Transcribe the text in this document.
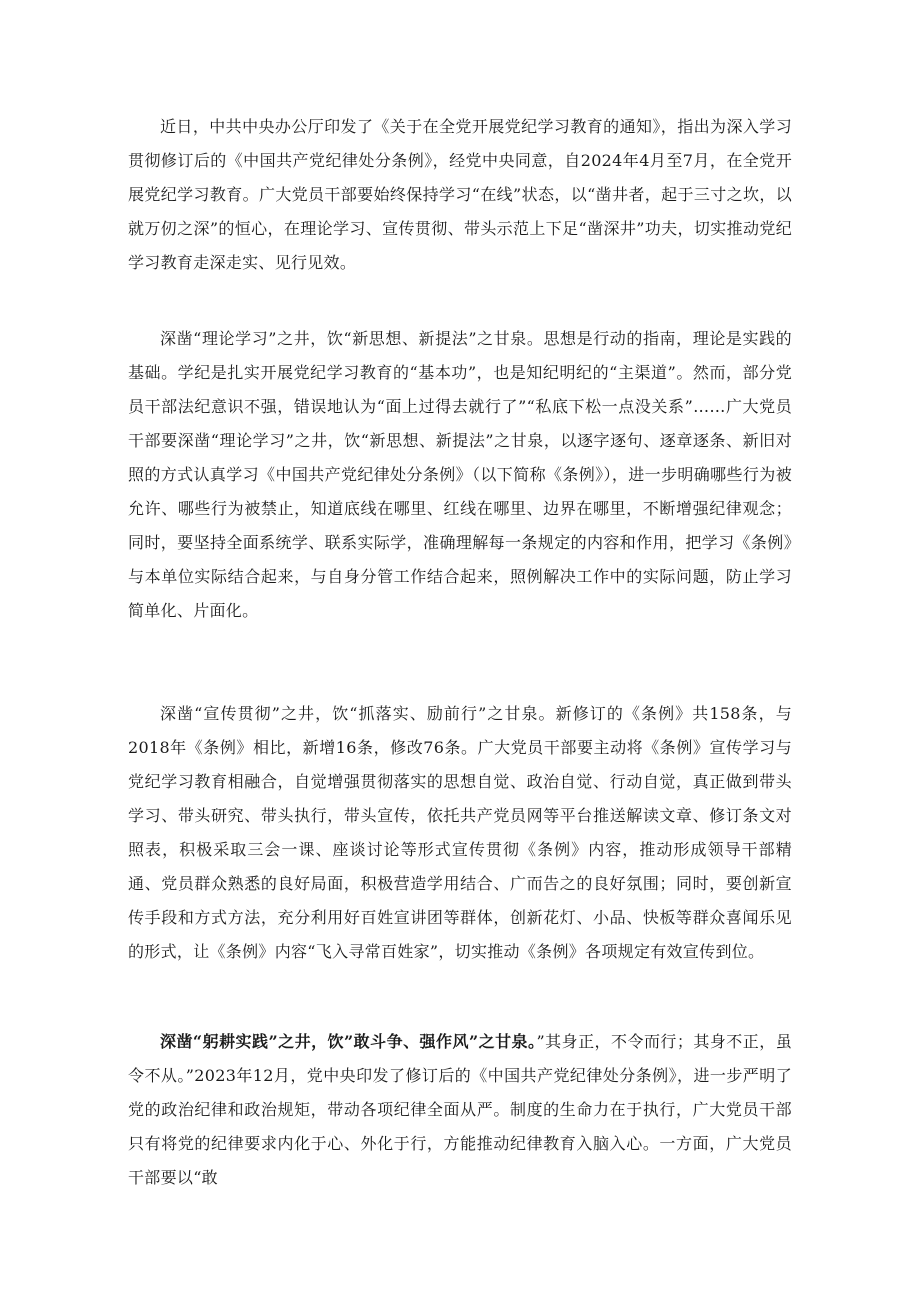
近日，中共中央办公厅印发了《关于在全党开展党纪学习教育的通知》，指出为深入学习贯彻修订后的《中国共产党纪律处分条例》，经党中央同意，自2024年4月至7月，在全党开展党纪学习教育。广大党员干部要始终保持学习“在线”状态，以“凿井者，起于三寸之坎，以就万仞之深”的恒心，在理论学习、宣传贯彻、带头示范上下足“凿深井”功夫，切实推动党纪学习教育走深走实、见行见效。

深凿“理论学习”之井，饮“新思想、新提法”之甘泉。思想是行动的指南，理论是实践的基础。学纪是扎实开展党纪学习教育的“基本功”，也是知纪明纪的“主渠道”。然而，部分党员干部法纪意识不强，错误地认为“面上过得去就行了”“私底下松一点没关系”……广大党员干部要深凿“理论学习”之井，饮“新思想、新提法”之甘泉，以逐字逐句、逐章逐条、新旧对照的方式认真学习《中国共产党纪律处分条例》（以下简称《条例》），进一步明确哪些行为被允许、哪些行为被禁止，知道底线在哪里、红线在哪里、边界在哪里，不断增强纪律观念；同时，要坚持全面系统学、联系实际学，准确理解每一条规定的内容和作用，把学习《条例》与本单位实际结合起来，与自身分管工作结合起来，照例解决工作中的实际问题，防止学习简单化、片面化。

深凿“宣传贯彻”之井，饮“抓落实、励前行”之甘泉。新修订的《条例》共158条，与2018年《条例》相比，新增16条，修改76条。广大党员干部要主动将《条例》宣传学习与党纪学习教育相融合，自觉增强贯彻落实的思想自觉、政治自觉、行动自觉，真正做到带头学习、带头研究、带头执行，带头宣传，依托共产党员网等平台推送解读文章、修订条文对照表，积极采取三会一课、座谈讨论等形式宣传贯彻《条例》内容，推动形成领导干部精通、党员群众熟悉的良好局面，积极营造学用结合、广而告之的良好氛围；同时，要创新宣传手段和方式方法，充分利用好百姓宣讲团等群体，创新花灯、小品、快板等群众喜闻乐见的形式，让《条例》内容“飞入寻常百姓家”，切实推动《条例》各项规定有效宣传到位。

深凿“躬耕实践”之井，饮”敢斗争、强作风”之甘泉。”其身正，不令而行；其身不正，虽令不从。”2023年12月，党中央印发了修订后的《中国共产党纪律处分条例》，进一步严明了党的政治纪律和政治规矩，带动各项纪律全面从严。制度的生命力在于执行，广大党员干部只有将党的纪律要求内化于心、外化于行，方能推动纪律教育入脑入心。一方面，广大党员干部要以“敢
